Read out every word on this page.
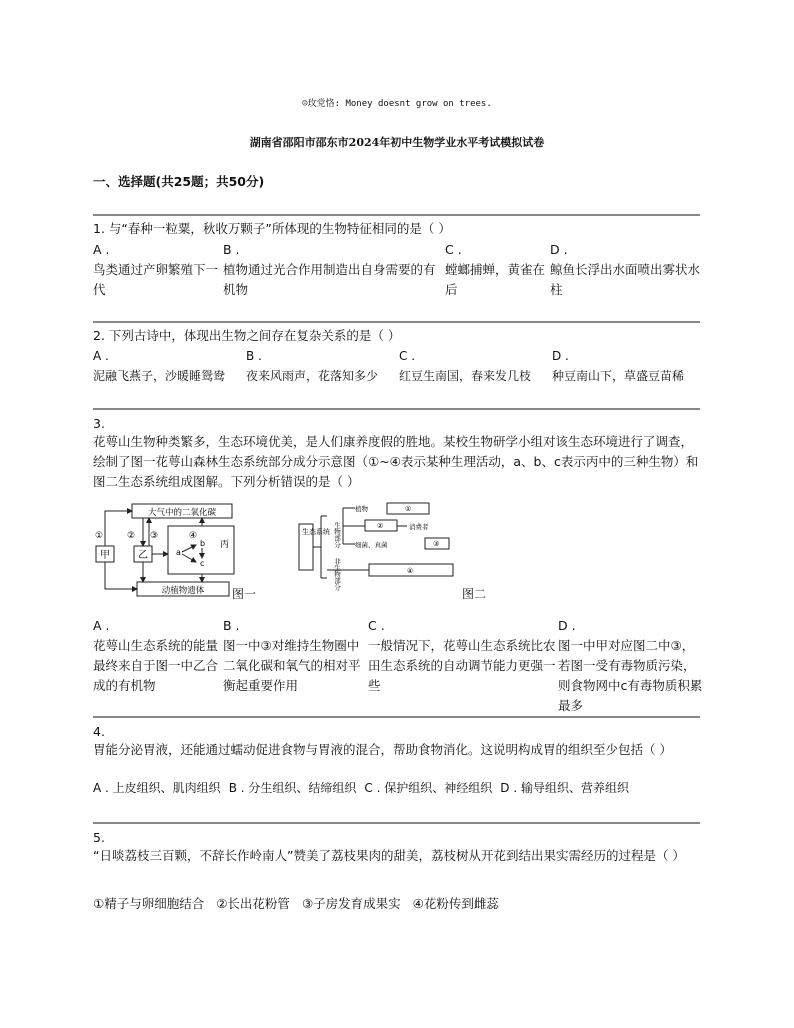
☺玫党恪: Money doesnt grow on trees.
湖南省邵阳市邵东市2024年初中生物学业水平考试模拟试卷
一、选择题(共25题；共50分)
1. 与“春种一粒粟，秋收万颗子”所体现的生物特征相同的是（ ）
A .
鸟类通过产卵繁殖下一代
B .
植物通过光合作用制造出自身需要的有机物
C .
螳螂捕蝉，黄雀在后
D .
鲸鱼长浮出水面喷出雾状水柱
2. 下列古诗中，体现出生物之间存在复杂关系的是（ ）
A .
泥融飞燕子，沙暖睡鸳鸯
B .
夜来风雨声，花落知多少
C .
红豆生南国，春来发几枝
D .
种豆南山下，草盛豆苗稀
3.
花萼山生物种类繁多，生态环境优美，是人们康养度假的胜地。某校生物研学小组对该生态环境进行了调查，绘制了图一花萼山森林生态系统部分成分示意图（①~④表示某种生理活动，a、b、c表示丙中的三种生物）和图二生态系统组成图解。下列分析错误的是（ ）
大气中的二氧化碳
动植物遗体
甲	乙
丙
a
b
c
①	② ③	④
图一
生态系统 生物部分
非生物部分
植物	①
②	消费者
细菌、真菌	③
④
图二
A .
花萼山生态系统的能量最终来自于图一中乙合成的有机物
B .
图一中③对维持生物圈中二氧化碳和氧气的相对平衡起重要作用
C .
一般情况下，花萼山生态系统比农田生态系统的自动调节能力更强一些
D .
图一中甲对应图二中③，若图一受有毒物质污染，则食物网中c有毒物质积累最多
4.
胃能分泌胃液，还能通过蠕动促进食物与胃液的混合，帮助食物消化。这说明构成胃的组织至少包括（ ）
A . 上皮组织、肌肉组织 B . 分生组织、结缔组织 C . 保护组织、神经组织 D . 输导组织、营养组织
5.
“日啖荔枝三百颗，不辞长作岭南人”赞美了荔枝果肉的甜美，荔枝树从开花到结出果实需经历的过程是（ ）
①精子与卵细胞结合 ②长出花粉管 ③子房发育成果实 ④花粉传到雌蕊
